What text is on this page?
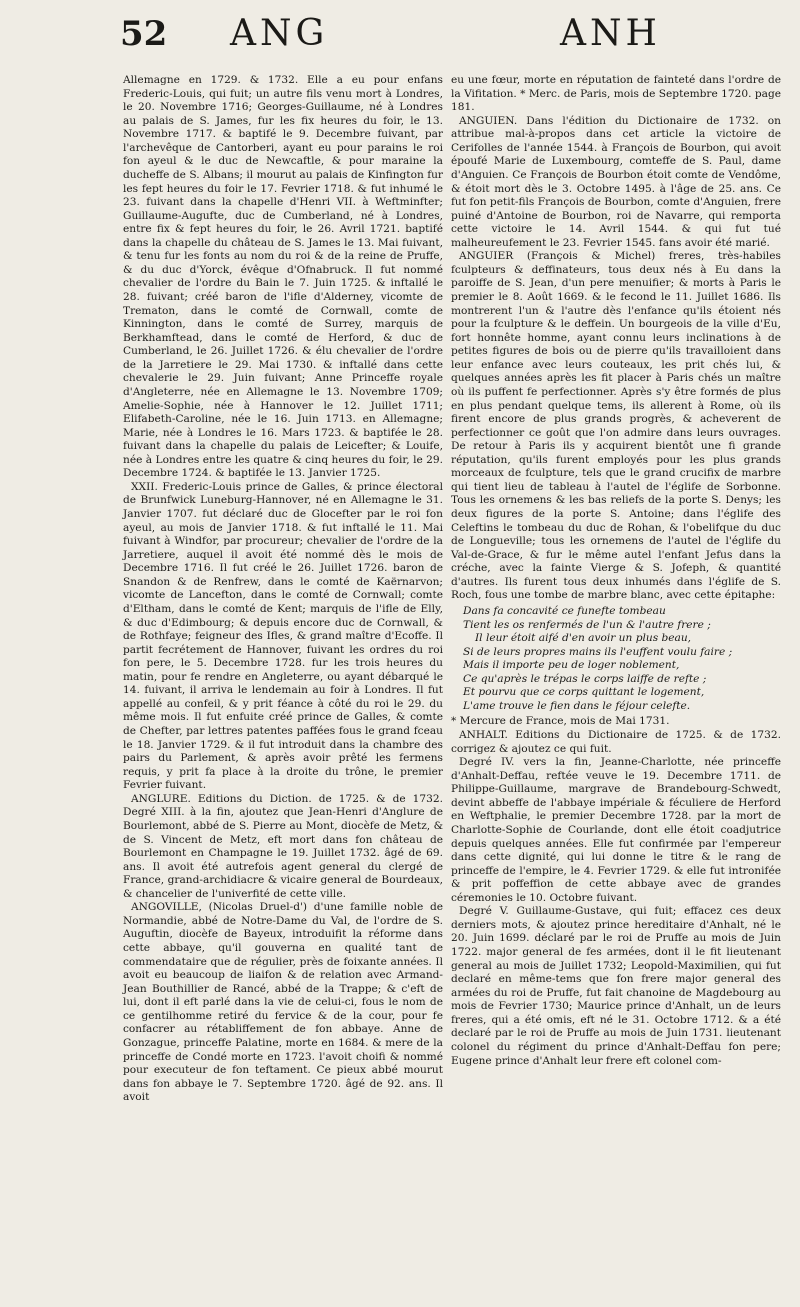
52 ANG	ANH

Allemagne en 1729. & 1732. Elle a eu pour enfans Frederic-Louis, qui fuit; un autre fils venu mort à Londres, le 20. Novembre 1716; Georges-Guillaume, né à Londres au palais de S. James, fur les fix heures du foir, le 13. Novembre 1717. & baptifé le 9. Decembre fuivant, par l'archevêque de Cantorberi, ayant eu pour parains le roi fon ayeul & le duc de Newcaftle, & pour maraine la ducheffe de S. Albans; il mourut au palais de Kinfington fur les fept heures du foir le 17. Fevrier 1718. & fut inhumé le 23. fuivant dans la chapelle d'Henri VII. à Weftminfter; Guillaume-Augufte, duc de Cumberland, né à Londres, entre fix & fept heures du foir, le 26. Avril 1721. baptifé dans la chapelle du château de S. James le 13. Mai fuivant, & tenu fur les fonts au nom du roi & de la reine de Pruffe, & du duc d'Yorck, évêque d'Ofnabruck. Il fut nommé chevalier de l'ordre du Bain le 7. Juin 1725. & inftallé le 28. fuivant; créé baron de l'ifle d'Alderney, vicomte de Trematon, dans le comté de Cornwall, comte de Kinnington, dans le comté de Surrey, marquis de Berkhamftead, dans le comté de Herford, & duc de Cumberland, le 26. Juillet 1726. & élu chevalier de l'ordre de la Jarretiere le 29. Mai 1730. & inftallé dans cette chevalerie le 29. Juin fuivant; Anne Princeffe royale d'Angleterre, née en Allemagne le 13. Novembre 1709; Amelie-Sophie, née à Hannover le 12. Juillet 1711; Elifabeth-Caroline, née le 16. Juin 1713. en Allemagne; Marie, née à Londres le 16. Mars 1723. & baptifée le 28. fuivant dans la chapelle du palais de Leicefter; & Louife, née à Londres entre les quatre & cinq heures du foir, le 29. Decembre 1724. & baptifée le 13. Janvier 1725.

XXII. Frederic-Louis prince de Galles, & prince électoral de Brunfwick Luneburg-Hannover, né en Allemagne le 31. Janvier 1707. fut déclaré duc de Glocefter par le roi fon ayeul, au mois de Janvier 1718. & fut inftallé le 11. Mai fuivant à Windfor, par procureur; chevalier de l'ordre de la Jarretiere, auquel il avoit été nommé dès le mois de Decembre 1716. Il fut créé le 26. Juillet 1726. baron de Snandon & de Renfrew, dans le comté de Kaërnarvon; vicomte de Lancefton, dans le comté de Cornwall; comte d'Eltham, dans le comté de Kent; marquis de l'ifle de Elly, & duc d'Edimbourg; & depuis encore duc de Cornwall, & de Rothfaye; feigneur des Ifles, & grand maître d'Ecoffe. Il partit fecrétement de Hannover, fuivant les ordres du roi fon pere, le 5. Decembre 1728. fur les trois heures du matin, pour fe rendre en Angleterre, ou ayant débarqué le 14. fuivant, il arriva le lendemain au foir à Londres. Il fut appellé au confeil, & y prit féance à côté du roi le 29. du même mois. Il fut enfuite créé prince de Galles, & comte de Chefter, par lettres patentes paffées fous le grand fceau le 18. Janvier 1729. & il fut introduit dans la chambre des pairs du Parlement, & après avoir prêté les fermens requis, y prit fa place à la droite du trône, le premier Fevrier fuivant.

ANGLURE. Editions du Diction. de 1725. & de 1732. Degré XIII. à la fin, ajoutez que Jean-Henri d'Anglure de Bourlemont, abbé de S. Pierre au Mont, diocèfe de Metz, & de S. Vincent de Metz, eft mort dans fon château de Bourlemont en Champagne le 19. Juillet 1732. âgé de 69. ans. Il avoit été autrefois agent general du clergé de France, grand-archidiacre & vicaire general de Bourdeaux, & chancelier de l'univerfité de cette ville.

ANGOVILLE, (Nicolas Druel-d') d'une famille noble de Normandie, abbé de Notre-Dame du Val, de l'ordre de S. Auguftin, diocèfe de Bayeux, introduifit la réforme dans cette abbaye, qu'il gouverna en qualité tant de commendataire que de régulier, près de foixante années. Il avoit eu beaucoup de liaifon & de relation avec Armand-Jean Bouthillier de Rancé, abbé de la Trappe; & c'eft de lui, dont il eft parlé dans la vie de celui-ci, fous le nom de ce gentilhomme retiré du fervice & de la cour, pour fe confacrer au rétabliffement de fon abbaye. Anne de Gonzague, princeffe Palatine, morte en 1684. & mere de la princeffe de Condé morte en 1723. l'avoit choifi & nommé pour executeur de fon teftament. Ce pieux abbé mourut dans fon abbaye le 7. Septembre 1720. âgé de 92. ans. Il avoit

eu une fœur, morte en réputation de fainteté dans l'ordre de la Vifitation. * Merc. de Paris, mois de Septembre 1720. page 181.

ANGUIEN. Dans l'édition du Dictionaire de 1732. on attribue mal-à-propos dans cet article la victoire de Cerifolles de l'année 1544. à François de Bourbon, qui avoit époufé Marie de Luxembourg, comteffe de S. Paul, dame d'Anguien. Ce François de Bourbon étoit comte de Vendôme, & étoit mort dès le 3. Octobre 1495. à l'âge de 25. ans. Ce fut fon petit-fils François de Bourbon, comte d'Anguien, frere puiné d'Antoine de Bourbon, roi de Navarre, qui remporta cette victoire le 14. Avril 1544. & qui fut tué malheureufement le 23. Fevrier 1545. fans avoir été marié.

ANGUIER (François & Michel) freres, très-habiles fculpteurs & deffinateurs, tous deux nés à Eu dans la paroiffe de S. Jean, d'un pere menuifier; & morts à Paris le premier le 8. Août 1669. & le fecond le 11. Juillet 1686. Ils montrerent l'un & l'autre dès l'enfance qu'ils étoient nés pour la fculpture & le deffein. Un bourgeois de la ville d'Eu, fort honnête homme, ayant connu leurs inclinations à de petites figures de bois ou de pierre qu'ils travailloient dans leur enfance avec leurs couteaux, les prit chés lui, & quelques années après les fit placer à Paris chés un maître où ils puffent fe perfectionner. Après s'y être formés de plus en plus pendant quelque tems, ils allerent à Rome, où ils firent encore de plus grands progrès, & acheverent de perfectionner ce goût que l'on admire dans leurs ouvrages. De retour à Paris ils y acquirent bientôt une fi grande réputation, qu'ils furent employés pour les plus grands morceaux de fculpture, tels que le grand crucifix de marbre qui tient lieu de tableau à l'autel de l'églife de Sorbonne. Tous les ornemens & les bas reliefs de la porte S. Denys; les deux figures de la porte S. Antoine; dans l'églife des Celeftins le tombeau du duc de Rohan, & l'obelifque du duc de Longueville; tous les ornemens de l'autel de l'églife du Val-de-Grace, & fur le même autel l'enfant Jefus dans la créche, avec la fainte Vierge & S. Jofeph, & quantité d'autres. Ils furent tous deux inhumés dans l'églife de S. Roch, fous une tombe de marbre blanc, avec cette épitaphe:

Dans fa concavité ce funefte tombeau
Tient les os renfermés de l'un & l'autre frere ;
Il leur étoit aifé d'en avoir un plus beau,
Si de leurs propres mains ils l'euffent voulu faire ;
Mais il importe peu de loger noblement,
Ce qu'après le trépas le corps laiffe de refte ;
Et pourvu que ce corps quittant le logement,
L'ame trouve le fien dans le féjour celefte.

* Mercure de France, mois de Mai 1731.

ANHALT. Editions du Dictionaire de 1725. & de 1732. corrigez & ajoutez ce qui fuit.

Degré IV. vers la fin, Jeanne-Charlotte, née princeffe d'Anhalt-Deffau, reftée veuve le 19. Decembre 1711. de Philippe-Guillaume, margrave de Brandebourg-Schwedt, devint abbeffe de l'abbaye impériale & féculiere de Herford en Weftphalie, le premier Decembre 1728. par la mort de Charlotte-Sophie de Courlande, dont elle étoit coadjutrice depuis quelques années. Elle fut confirmée par l'empereur dans cette dignité, qui lui donne le titre & le rang de princeffe de l'empire, le 4. Fevrier 1729. & elle fut intronifée & prit poffeffion de cette abbaye avec de grandes céremonies le 10. Octobre fuivant.

Degré V. Guillaume-Gustave, qui fuit; effacez ces deux derniers mots, & ajoutez prince hereditaire d'Anhalt, né le 20. Juin 1699. déclaré par le roi de Pruffe au mois de Juin 1722. major general de fes armées, dont il le fit lieutenant general au mois de Juillet 1732; Leopold-Maximilien, qui fut declaré en même-tems que fon frere major general des armées du roi de Pruffe, fut fait chanoine de Magdebourg au mois de Fevrier 1730; Maurice prince d'Anhalt, un de leurs freres, qui a été omis, eft né le 31. Octobre 1712. & a été declaré par le roi de Pruffe au mois de Juin 1731. lieutenant colonel du régiment du prince d'Anhalt-Deffau fon pere; Eugene prince d'Anhalt leur frere eft colonel com-
